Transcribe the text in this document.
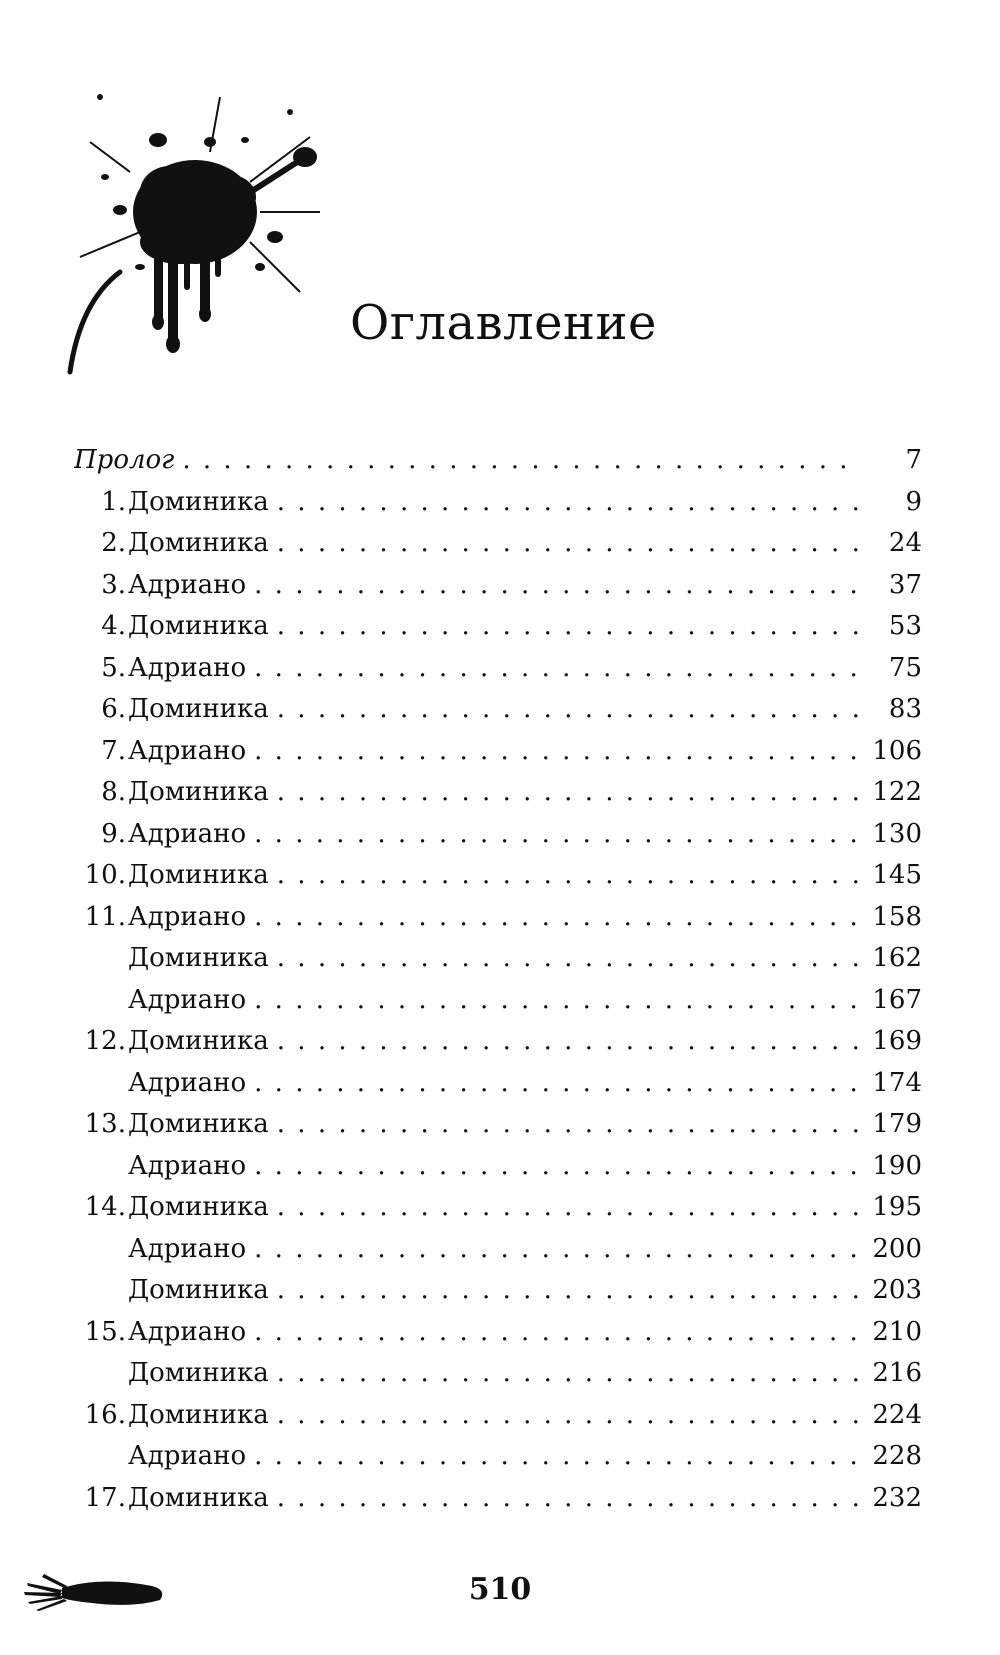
Оглавление
Пролог . . .	7
1. Доминика . . .	9
2. Доминика . . .	24
3. Адриано . . .	37
4. Доминика . . .	53
5. Адриано . . .	75
6. Доминика . . .	83
7. Адриано . . .	106
8. Доминика . . .	122
9. Адриано . . .	130
10. Доминика . . .	145
11. Адриано . . .	158
Доминика . . .	162
Адриано . . .	167
12. Доминика . . .	169
Адриано . . .	174
13. Доминика . . .	179
Адриано . . .	190
14. Доминика . . .	195
Адриано . . .	200
Доминика . . .	203
15. Адриано . . .	210
Доминика . . .	216
16. Доминика . . .	224
Адриано . . .	228
17. Доминика . . .	232
510
